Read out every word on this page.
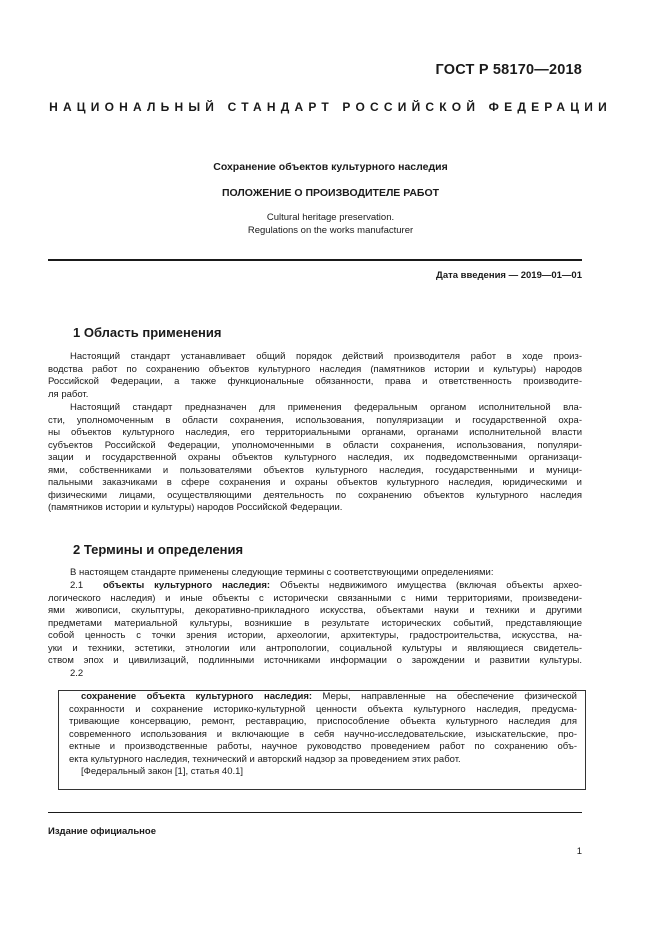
ГОСТ Р 58170—2018
НАЦИОНАЛЬНЫЙ СТАНДАРТ РОССИЙСКОЙ ФЕДЕРАЦИИ
Сохранение объектов культурного наследия
ПОЛОЖЕНИЕ О ПРОИЗВОДИТЕЛЕ РАБОТ
Cultural heritage preservation.
Regulations on the works manufacturer
Дата введения — 2019—01—01
1 Область применения
Настоящий стандарт устанавливает общий порядок действий производителя работ в ходе произ-
водства работ по сохранению объектов культурного наследия (памятников истории и культуры) народов
Российской Федерации, а также функциональные обязанности, права и ответственность производите-
ля работ.
Настоящий стандарт предназначен для применения федеральным органом исполнительной вла-
сти, уполномоченным в области сохранения, использования, популяризации и государственной охра-
ны объектов культурного наследия, его территориальными органами, органами исполнительной власти
субъектов Российской Федерации, уполномоченными в области сохранения, использования, популяри-
зации и государственной охраны объектов культурного наследия, их подведомственными организаци-
ями, собственниками и пользователями объектов культурного наследия, государственными и муници-
пальными заказчиками в сфере сохранения и охраны объектов культурного наследия, юридическими и
физическими лицами, осуществляющими деятельность по сохранению объектов культурного наследия
(памятников истории и культуры) народов Российской Федерации.
2 Термины и определения
В настоящем стандарте применены следующие термины с соответствующими определениями:
2.1 объекты культурного наследия: Объекты недвижимого имущества (включая объекты архео-
логического наследия) и иные объекты с исторически связанными с ними территориями, произведени-
ями живописи, скульптуры, декоративно-прикладного искусства, объектами науки и техники и другими
предметами материальной культуры, возникшие в результате исторических событий, представляющие
собой ценность с точки зрения истории, археологии, архитектуры, градостроительства, искусства, на-
уки и техники, эстетики, этнологии или антропологии, социальной культуры и являющиеся свидетель-
ством эпох и цивилизаций, подлинными источниками информации о зарождении и развитии культуры.
2.2
сохранение объекта культурного наследия: Меры, направленные на обеспечение физической
сохранности и сохранение историко-культурной ценности объекта культурного наследия, предусма-
тривающие консервацию, ремонт, реставрацию, приспособление объекта культурного наследия для
современного использования и включающие в себя научно-исследовательские, изыскательские, про-
ектные и производственные работы, научное руководство проведением работ по сохранению объ-
екта культурного наследия, технический и авторский надзор за проведением этих работ.
[Федеральный закон [1], статья 40.1]
Издание официальное
1
